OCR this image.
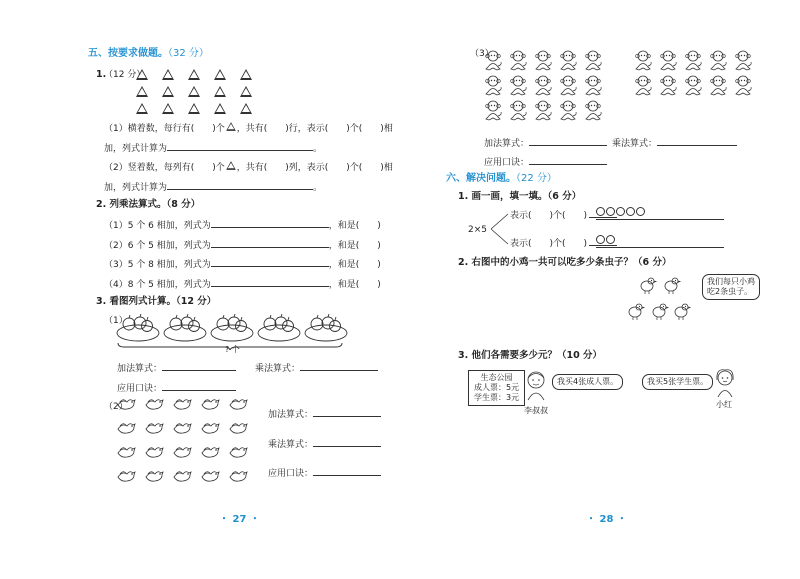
五、按要求做题。（32 分）
1.
（12 分）
（1）横着数，每行有(　　)个 ，共有(　　)行，表示(　　)个(　　)相
加，列式计算为	。
（2）竖着数，每列有(　　)个 ，共有(　　)列，表示(　　)个(　　)相
加，列式计算为	。
2. 列乘法算式。（8 分）
（1）5 个 6 相加，列式为	，和是(　　)
（2）6 个 5 相加，列式为	，和是(　　)
（3）5 个 8 相加，列式为	，和是(　　)
（4）8 个 5 相加，列式为	，和是(　　)
3. 看图列式计算。（12 分）
（1）
? 个
加法算式：	乘法算式：
应用口诀：
（2）
加法算式：
乘法算式：
应用口诀：
・ 27 ・
（3）
加法算式：	乘法算式：
应用口诀：
六、解决问题。（22 分）
1. 画一画，填一填。（6 分）
2×5
表示(　　)个(　　)
表示(　　)个(　　)
2. 右图中的小鸡一共可以吃多少条虫子？（6 分）
我们每只小鸡
吃2条虫子。
3. 他们各需要多少元？（10 分）
生态公园
成人票：5元
学生票：3元
李叔叔
我买4张成人票。	我买5张学生票。
小红
・ 28 ・
